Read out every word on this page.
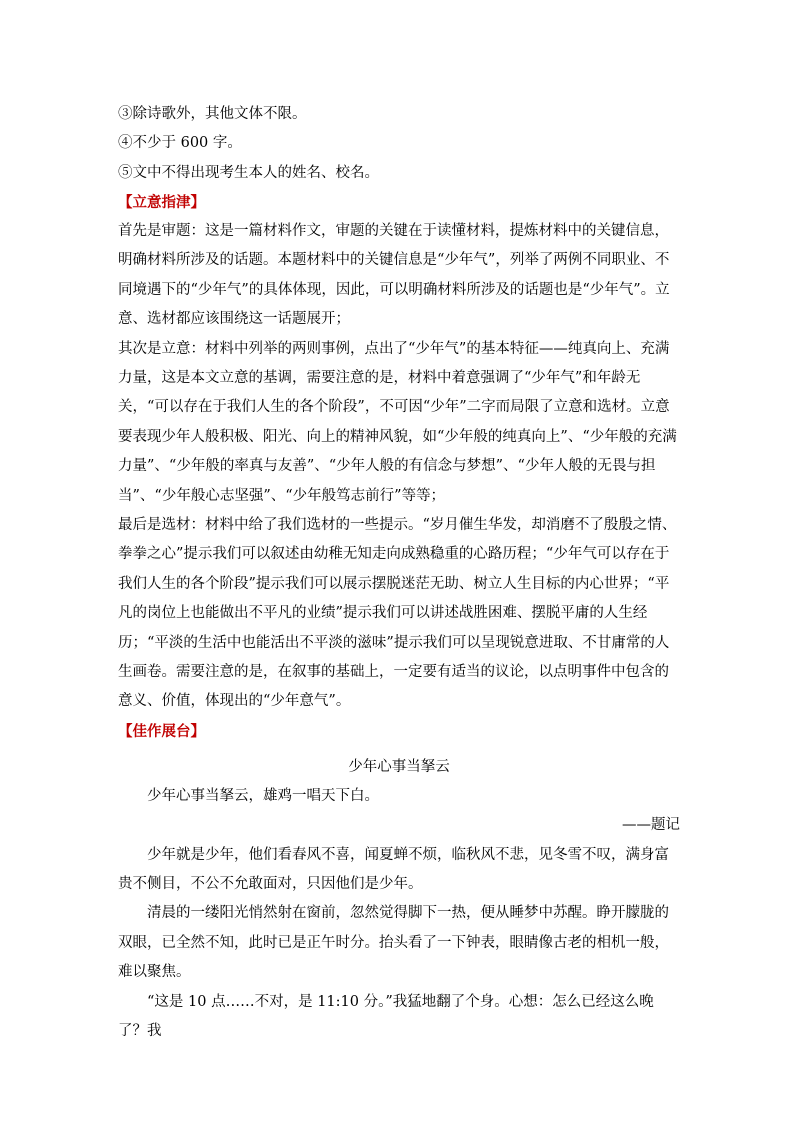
③除诗歌外，其他文体不限。

④不少于 600 字。

⑤文中不得出现考生本人的姓名、校名。

【立意指津】

首先是审题：这是一篇材料作文，审题的关键在于读懂材料，提炼材料中的关键信息，明确材料所涉及的话题。本题材料中的关键信息是“少年气”，列举了两例不同职业、不同境遇下的“少年气”的具体体现，因此，可以明确材料所涉及的话题也是“少年气”。立意、选材都应该围绕这一话题展开；

其次是立意：材料中列举的两则事例，点出了“少年气”的基本特征——纯真向上、充满力量，这是本文立意的基调，需要注意的是，材料中着意强调了“少年气”和年龄无关，“可以存在于我们人生的各个阶段”，不可因“少年”二字而局限了立意和选材。立意要表现少年人般积极、阳光、向上的精神风貌，如“少年般的纯真向上”、“少年般的充满力量”、“少年般的率真与友善”、“少年人般的有信念与梦想”、“少年人般的无畏与担当”、“少年般心志坚强”、“少年般笃志前行”等等；

最后是选材：材料中给了我们选材的一些提示。“岁月催生华发，却消磨不了殷殷之情、拳拳之心”提示我们可以叙述由幼稚无知走向成熟稳重的心路历程；“少年气可以存在于我们人生的各个阶段”提示我们可以展示摆脱迷茫无助、树立人生目标的内心世界；“平凡的岗位上也能做出不平凡的业绩”提示我们可以讲述战胜困难、摆脱平庸的人生经历；“平淡的生活中也能活出不平淡的滋味”提示我们可以呈现锐意进取、不甘庸常的人生画卷。需要注意的是，在叙事的基础上，一定要有适当的议论，以点明事件中包含的意义、价值，体现出的“少年意气”。

【佳作展台】

少年心事当拏云

少年心事当拏云，雄鸡一唱天下白。

——题记

少年就是少年，他们看春风不喜，闻夏蝉不烦，临秋风不悲，见冬雪不叹，满身富贵不侧目，不公不允敢面对，只因他们是少年。

清晨的一缕阳光悄然射在窗前，忽然觉得脚下一热，便从睡梦中苏醒。睁开朦胧的双眼，已全然不知，此时已是正午时分。抬头看了一下钟表，眼睛像古老的相机一般，难以聚焦。

“这是 10 点……不对，是 11:10 分。”我猛地翻了个身。心想：怎么已经这么晚了？我
